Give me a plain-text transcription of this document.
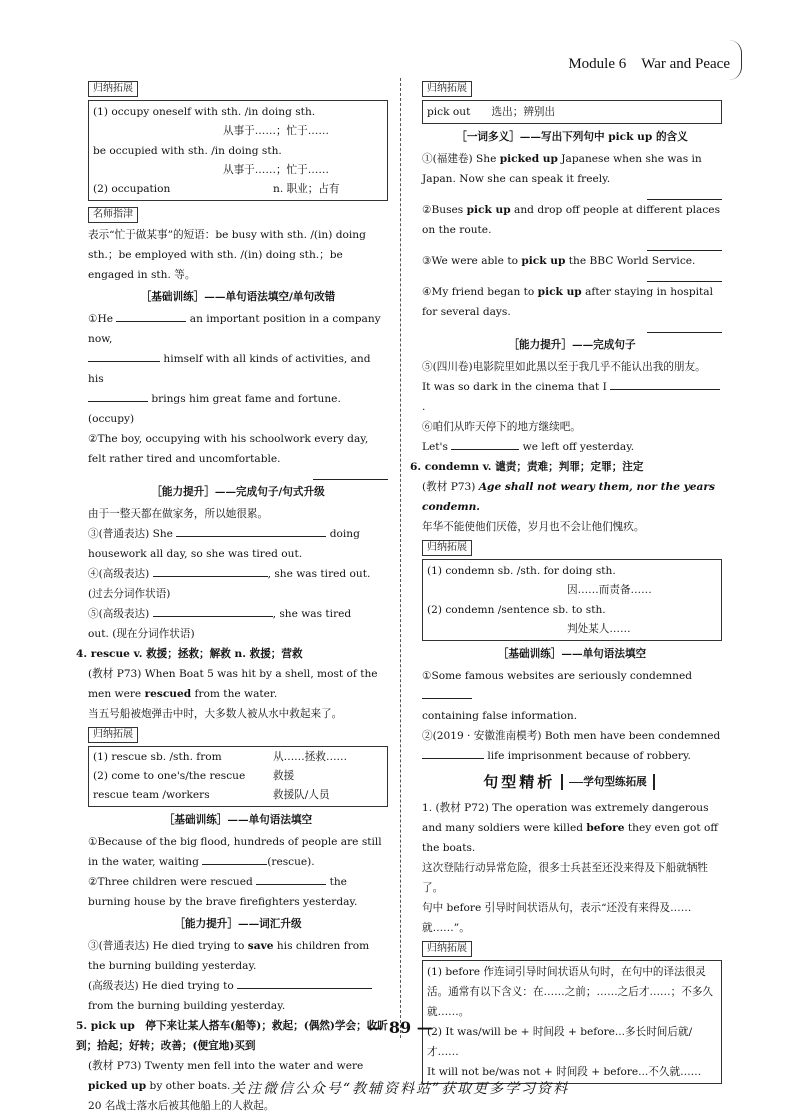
Module 6　War and Peace
归纳拓展
(1) occupy oneself with sth. /in doing sth.
从事于……；忙于……
be occupied with sth. /in doing sth.
从事于……；忙于……
(2) occupation	n. 职业；占有
名师指津

表示“忙于做某事”的短语：be busy with sth. /(in) doing sth.；be employed with sth. /(in) doing sth.；be engaged in sth. 等。

［基础训练］——单句语法填空/单句改错

①He	an important position in a company now,

himself with all kinds of activities, and his

brings him great fame and fortune. (occupy)

②The boy, occupying with his schoolwork every day, felt rather tired and uncomfortable.

［能力提升］——完成句子/句式升级

由于一整天都在做家务，所以她很累。

③(普通表达) She	doing

housework all day, so she was tired out.

④(高级表达)	, she was tired out.

(过去分词作状语)

⑤(高级表达)	, she was tired

out. (现在分词作状语)

4. rescue v. 救援；拯救；解救 n. 救援；营救

(教材 P73) When Boat 5 was hit by a shell, most of the men were rescued from the water.

当五号船被炮弹击中时，大多数人被从水中救起来了。

归纳拓展
(1) rescue sb. /sth. from	从……拯救……
(2) come to one's/the rescue	救援
rescue team /workers	救援队/人员
［基础训练］——单句语法填空

①Because of the big flood, hundreds of people are still in the water, waiting	(rescue).

②Three children were rescued	the burning house by the brave firefighters yesterday.

［能力提升］——词汇升级

③(普通表达) He died trying to save his children from the burning building yesterday.

(高级表达) He died trying to

from the burning building yesterday.

5. pick up　停下来让某人搭车(船等)；救起；(偶然)学会；收听到；拾起；好转；改善；(便宜地)买到

(教材 P73) Twenty men fell into the water and were picked up by other boats.

20 名战士落水后被其他船上的人救起。

归纳拓展
pick out　　 选出；辨别出
［一词多义］——写出下列句中 pick up 的含义

①(福建卷) She picked up Japanese when she was in Japan. Now she can speak it freely.

②Buses pick up and drop off people at different places on the route.

③We were able to pick up the BBC World Service.

④My friend began to pick up after staying in hospital for several days.

［能力提升］——完成句子

⑤(四川卷)电影院里如此黑以至于我几乎不能认出我的朋友。

It was so dark in the cinema that I .

⑥咱们从昨天停下的地方继续吧。

Let's	we left off yesterday.

6. condemn v. 谴责；责难；判罪；定罪；注定

(教材 P73) Age shall not weary them, nor the years condemn.

年华不能使他们厌倦，岁月也不会让他们愧疚。

归纳拓展
(1) condemn sb. /sth. for doing sth.
因……而责备……
(2) condemn /sentence sb. to sth.
判处某人……
［基础训练］——单句语法填空

①Some famous websites are seriously condemned

containing false information.

②(2019 · 安徽淮南模考) Both men have been condemned

life imprisonment because of robbery.

句型精析	学句型练拓展

1. (教材 P72) The operation was extremely dangerous and many soldiers were killed before they even got off the boats.

这次登陆行动异常危险，很多士兵甚至还没来得及下船就牺牲了。

句中 before 引导时间状语从句，表示“还没有来得及……就……”。

归纳拓展
(1) before 作连词引导时间状语从句时，在句中的译法很灵活。通常有以下含义：在……之前；……之后才……；不多久就……。
(2) It was/will be + 时间段 + before...多长时间后就/才……
It will not be/was not + 时间段 + before...不久就……
— 89 —
关注微信公众号“教辅资料站”获取更多学习资料
